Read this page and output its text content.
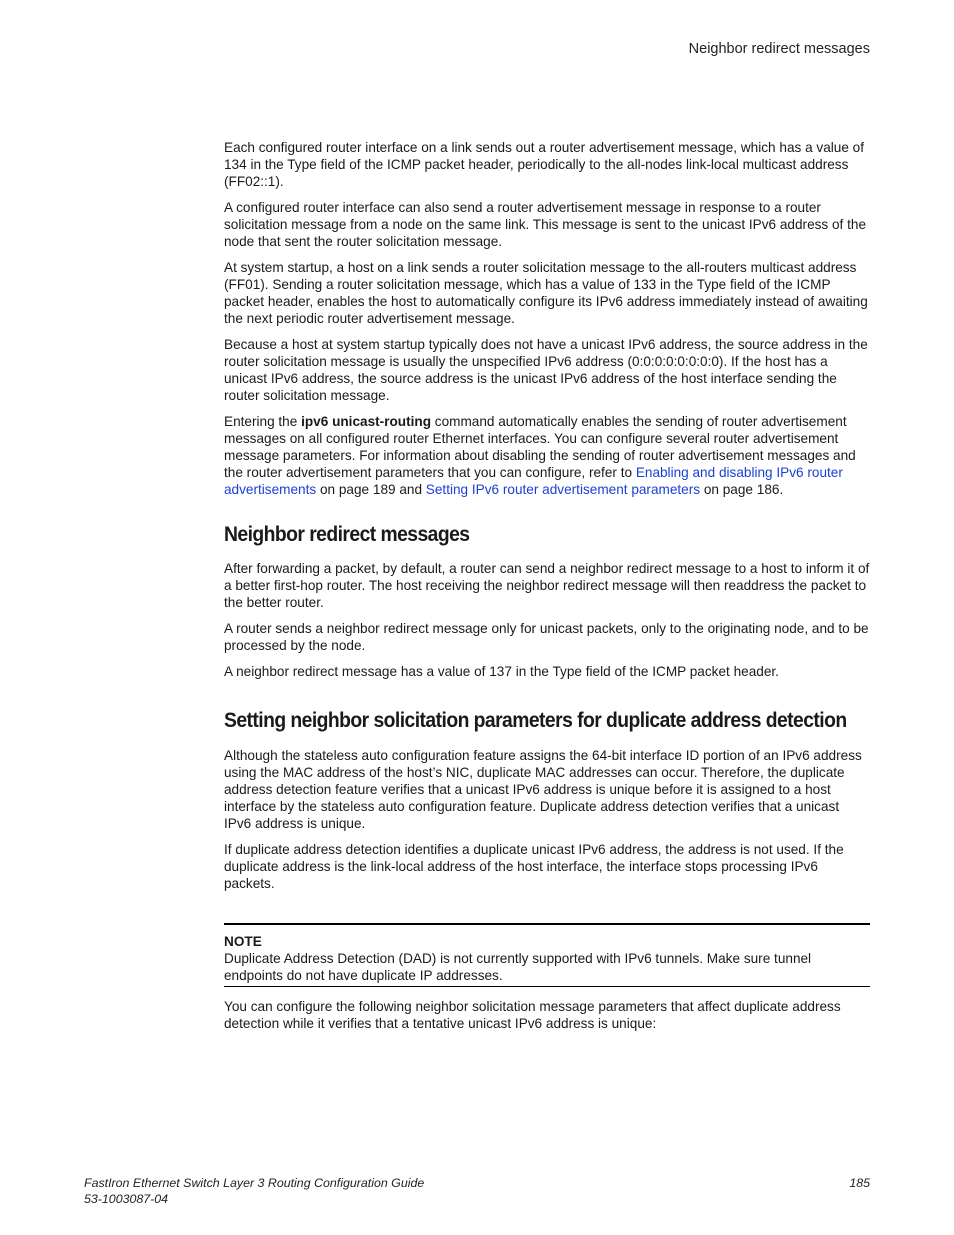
Neighbor redirect messages

Each configured router interface on a link sends out a router advertisement message, which has a value of 134 in the Type field of the ICMP packet header, periodically to the all-nodes link-local multicast address (FF02::1).

A configured router interface can also send a router advertisement message in response to a router solicitation message from a node on the same link. This message is sent to the unicast IPv6 address of the node that sent the router solicitation message.

At system startup, a host on a link sends a router solicitation message to the all-routers multicast address (FF01). Sending a router solicitation message, which has a value of 133 in the Type field of the ICMP packet header, enables the host to automatically configure its IPv6 address immediately instead of awaiting the next periodic router advertisement message.

Because a host at system startup typically does not have a unicast IPv6 address, the source address in the router solicitation message is usually the unspecified IPv6 address (0:0:0:0:0:0:0:0). If the host has a unicast IPv6 address, the source address is the unicast IPv6 address of the host interface sending the router solicitation message.

Entering the ipv6 unicast-routing command automatically enables the sending of router advertisement messages on all configured router Ethernet interfaces. You can configure several router advertisement message parameters. For information about disabling the sending of router advertisement messages and the router advertisement parameters that you can configure, refer to Enabling and disabling IPv6 router advertisements on page 189 and Setting IPv6 router advertisement parameters on page 186.

Neighbor redirect messages

After forwarding a packet, by default, a router can send a neighbor redirect message to a host to inform it of a better first-hop router. The host receiving the neighbor redirect message will then readdress the packet to the better router.

A router sends a neighbor redirect message only for unicast packets, only to the originating node, and to be processed by the node.

A neighbor redirect message has a value of 137 in the Type field of the ICMP packet header.

Setting neighbor solicitation parameters for duplicate address detection

Although the stateless auto configuration feature assigns the 64-bit interface ID portion of an IPv6 address using the MAC address of the host’s NIC, duplicate MAC addresses can occur. Therefore, the duplicate address detection feature verifies that a unicast IPv6 address is unique before it is assigned to a host interface by the stateless auto configuration feature. Duplicate address detection verifies that a unicast IPv6 address is unique.

If duplicate address detection identifies a duplicate unicast IPv6 address, the address is not used. If the duplicate address is the link-local address of the host interface, the interface stops processing IPv6 packets.

NOTE

Duplicate Address Detection (DAD) is not currently supported with IPv6 tunnels. Make sure tunnel endpoints do not have duplicate IP addresses.

You can configure the following neighbor solicitation message parameters that affect duplicate address detection while it verifies that a tentative unicast IPv6 address is unique:

FastIron Ethernet Switch Layer 3 Routing Configuration Guide
53-1003087-04
185
